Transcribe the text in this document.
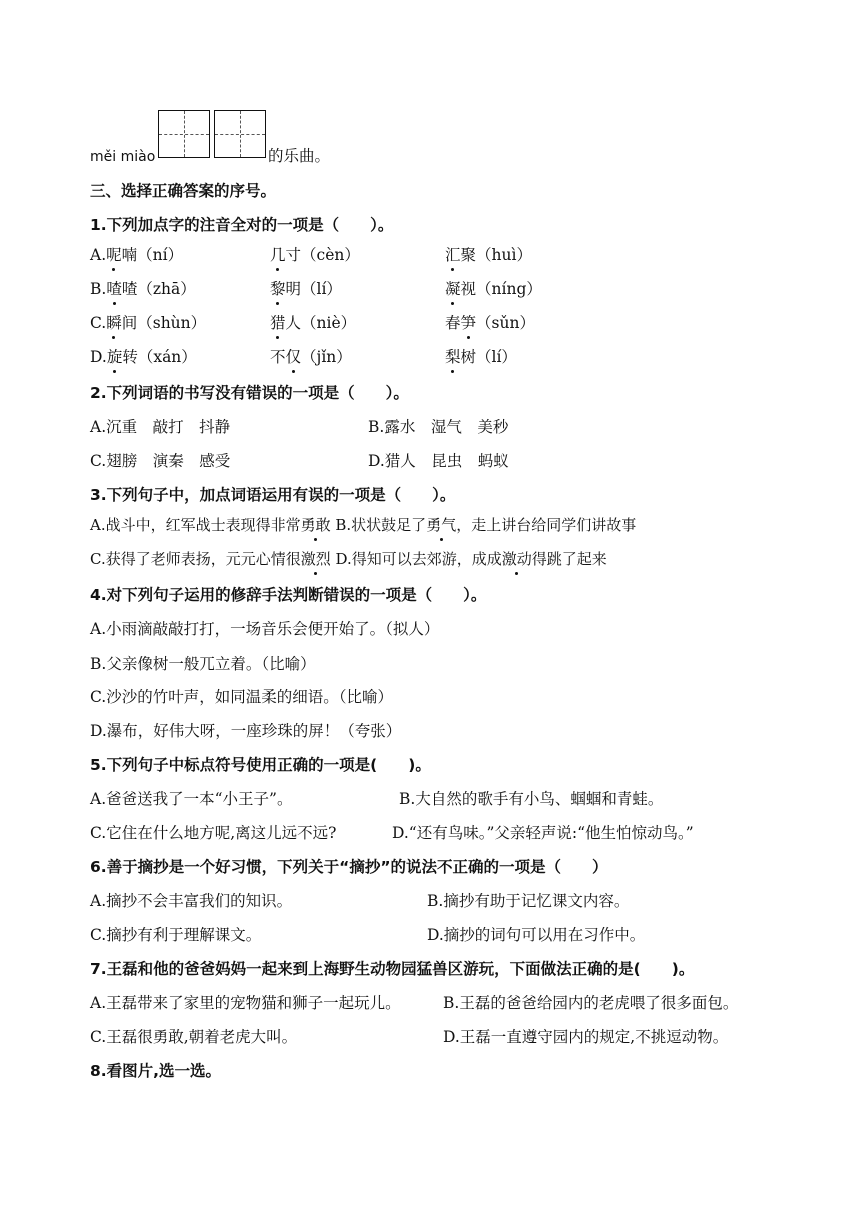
měi miào	的乐曲。
三、选择正确答案的序号。
1.下列加点字的注音全对的一项是（　　）。
A.呢喃（ní）	几寸（cèn）	汇聚（huì）
B.喳喳（zhā）	黎明（lí）	凝视（níng）
C.瞬间（shùn）	猎人（niè）	春笋（sǔn）
D.旋转（xán）	不仅（jǐn）	梨树（lí）
2.下列词语的书写没有错误的一项是（　　）。
A.沉重　敲打　抖静	B.露水　湿气　美秒
C.翅膀　演秦　感受	D.猎人　昆虫　蚂蚁
3.下列句子中，加点词语运用有误的一项是（　　）。
A.战斗中，红军战士表现得非常勇敢 B.状状鼓足了勇气，走上讲台给同学们讲故事
C.获得了老师表扬，元元心情很激烈 D.得知可以去郊游，成成激动得跳了起来
4.对下列句子运用的修辞手法判断错误的一项是（　　）。
A.小雨滴敲敲打打，一场音乐会便开始了。（拟人）
B.父亲像树一般兀立着。（比喻）
C.沙沙的竹叶声，如同温柔的细语。（比喻）
D.瀑布，好伟大呀，一座珍珠的屏！（夸张）
5.下列句子中标点符号使用正确的一项是(　　)。
A.爸爸送我了一本“小王子”。	B.大自然的歌手有小鸟、蝈蝈和青蛙。
C.它住在什么地方呢,离这儿远不远?	D.“还有鸟味。”父亲轻声说:“他生怕惊动鸟。”
6.善于摘抄是一个好习惯，下列关于“摘抄”的说法不正确的一项是（　　）
A.摘抄不会丰富我们的知识。	B.摘抄有助于记忆课文内容。
C.摘抄有利于理解课文。	D.摘抄的词句可以用在习作中。
7.王磊和他的爸爸妈妈一起来到上海野生动物园猛兽区游玩，下面做法正确的是(　　)。
A.王磊带来了家里的宠物猫和狮子一起玩儿。	B.王磊的爸爸给园内的老虎喂了很多面包。
C.王磊很勇敢,朝着老虎大叫。	D.王磊一直遵守园内的规定,不挑逗动物。
8.看图片,选一选。
